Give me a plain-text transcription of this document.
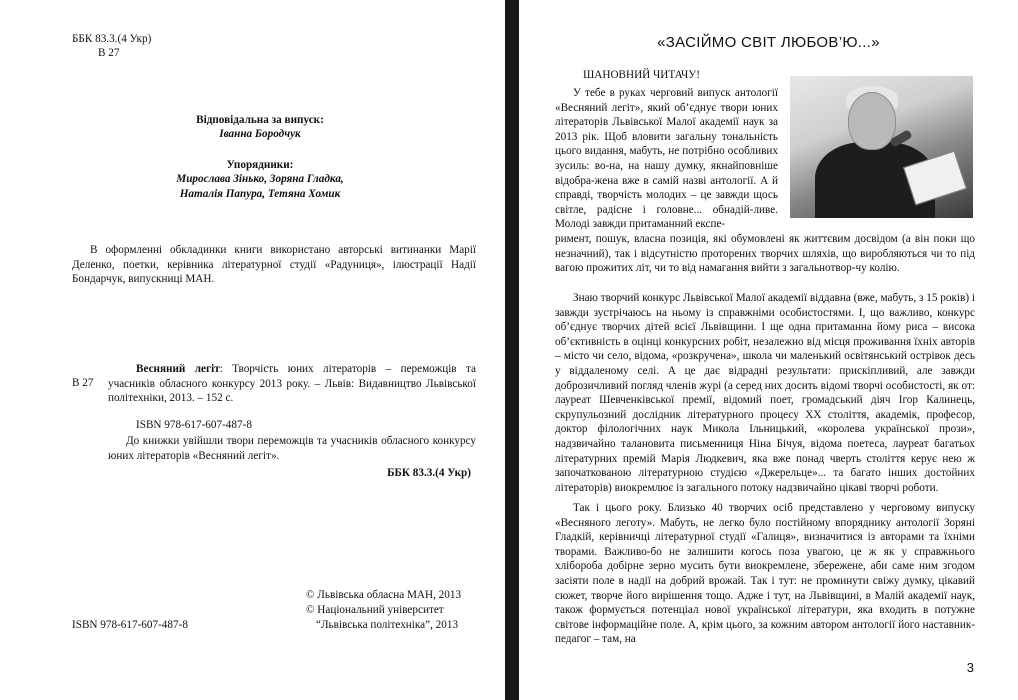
ББК 83.3.(4 Укр)
В 27
Відповідальна за випуск:
Іванна Бородчук
Упорядники:
Мирослава Зінько, Зоряна Гладка,
Наталія Папура, Тетяна Хомик
В оформленні обкладинки книги використано авторські витинанки Марії Деленко, поетки, керівника літературної студії «Радуниця», ілюстрації Надії Бондарчук, випускниці МАН.
В 27
Весняний легіт: Творчість юних літераторів – переможців та учасників обласного конкурсу 2013 року. – Львів: Видавництво Львівської політехніки, 2013. – 152 с.
ISBN 978-617-607-487-8
До книжки увійшли твори переможців та учасників обласного конкурсу юних літераторів «Весняний легіт».
ББК 83.3.(4 Укр)
© Львівська обласна МАН, 2013
© Національний університет
“Львівська політехніка”, 2013
ISBN 978-617-607-487-8
«ЗАСІЙМО СВІТ ЛЮБОВ’Ю...»
ШАНОВНИЙ ЧИТАЧУ!
У тебе в руках черговий випуск антології «Весняний легіт», який об’єднує твори юних літераторів Львівської Малої академії наук за 2013 рік. Щоб вловити загальну тональність цього видання, мабуть, не потрібно особливих зусиль: во-на, на нашу думку, якнайповніше відобра-жена вже в самій назві антології. А й справді, творчість молодих – це завжди щось світле, радісне і головне... обнадій-ливе. Молоді завжди притаманний експе-
римент, пошук, власна позиція, які обумовлені як життєвим досвідом (а він поки що незначний), так і відсутністю проторених творчих шляхів, що виробляються чи то під вагою прожитих літ, чи то від намагання вийти з загальнотвор-чу колію.
Знаю творчий конкурс Львівської Малої академії віддавна (вже, мабуть, з 15 років) і завжди зустрічаюсь на ньому із справжніми особистостями. І, що важливо, конкурс об’єднує творчих дітей всієї Львівщини. І ще одна притаманна йому риса – висока об’єктивність в оцінці конкурсних робіт, незалежно від місця проживання їхніх авторів – місто чи село, відома, «розкручена», школа чи маленький освітянський острівок десь у віддаленому селі. А це дає відрадні результати: прискіпливий, але завжди доброзичливий погляд членів журі (а серед них досить відомі творчі особистості, як от: лауреат Шевченківської премії, відомий поет, громадський діяч Ігор Калинець, скрупульозний дослідник літературного процесу ХХ століття, академік, професор, доктор філологічних наук Микола Ільницький, «королева української прози», надзвичайно талановита письменниця Ніна Бічуя, відома поетеса, лауреат багатьох літературних премій Марія Людкевич, яка вже понад чверть століття керує нею ж започаткованою літературною студією «Джерельце»... та багато інших достойних літераторів) виокремлює із загального потоку надзвичайно цікаві творчі роботи.
Так і цього року. Близько 40 творчих осіб представлено у черговому випуску «Весняного леготу». Мабуть, не легко було постійному впоряднику антології Зоряні Гладкій, керівничці літературної студії «Галиця», визначитися із авторами та їхніми творами. Важливо-бо не залишити когось поза увагою, це ж як у справжнього хлібороба добірне зерно мусить бути виокремлене, збережене, аби саме ним згодом засіяти поле в надії на добрий врожай. Так і тут: не проминути свіжу думку, цікавий сюжет, творче його вирішення тощо. Адже і тут, на Львівщині, в Малій академії наук, також формується потенціал нової української літератури, яка входить в потужне світове інформаційне поле. А, крім цього, за кожним автором антології його наставник-педагог – там, на
3
